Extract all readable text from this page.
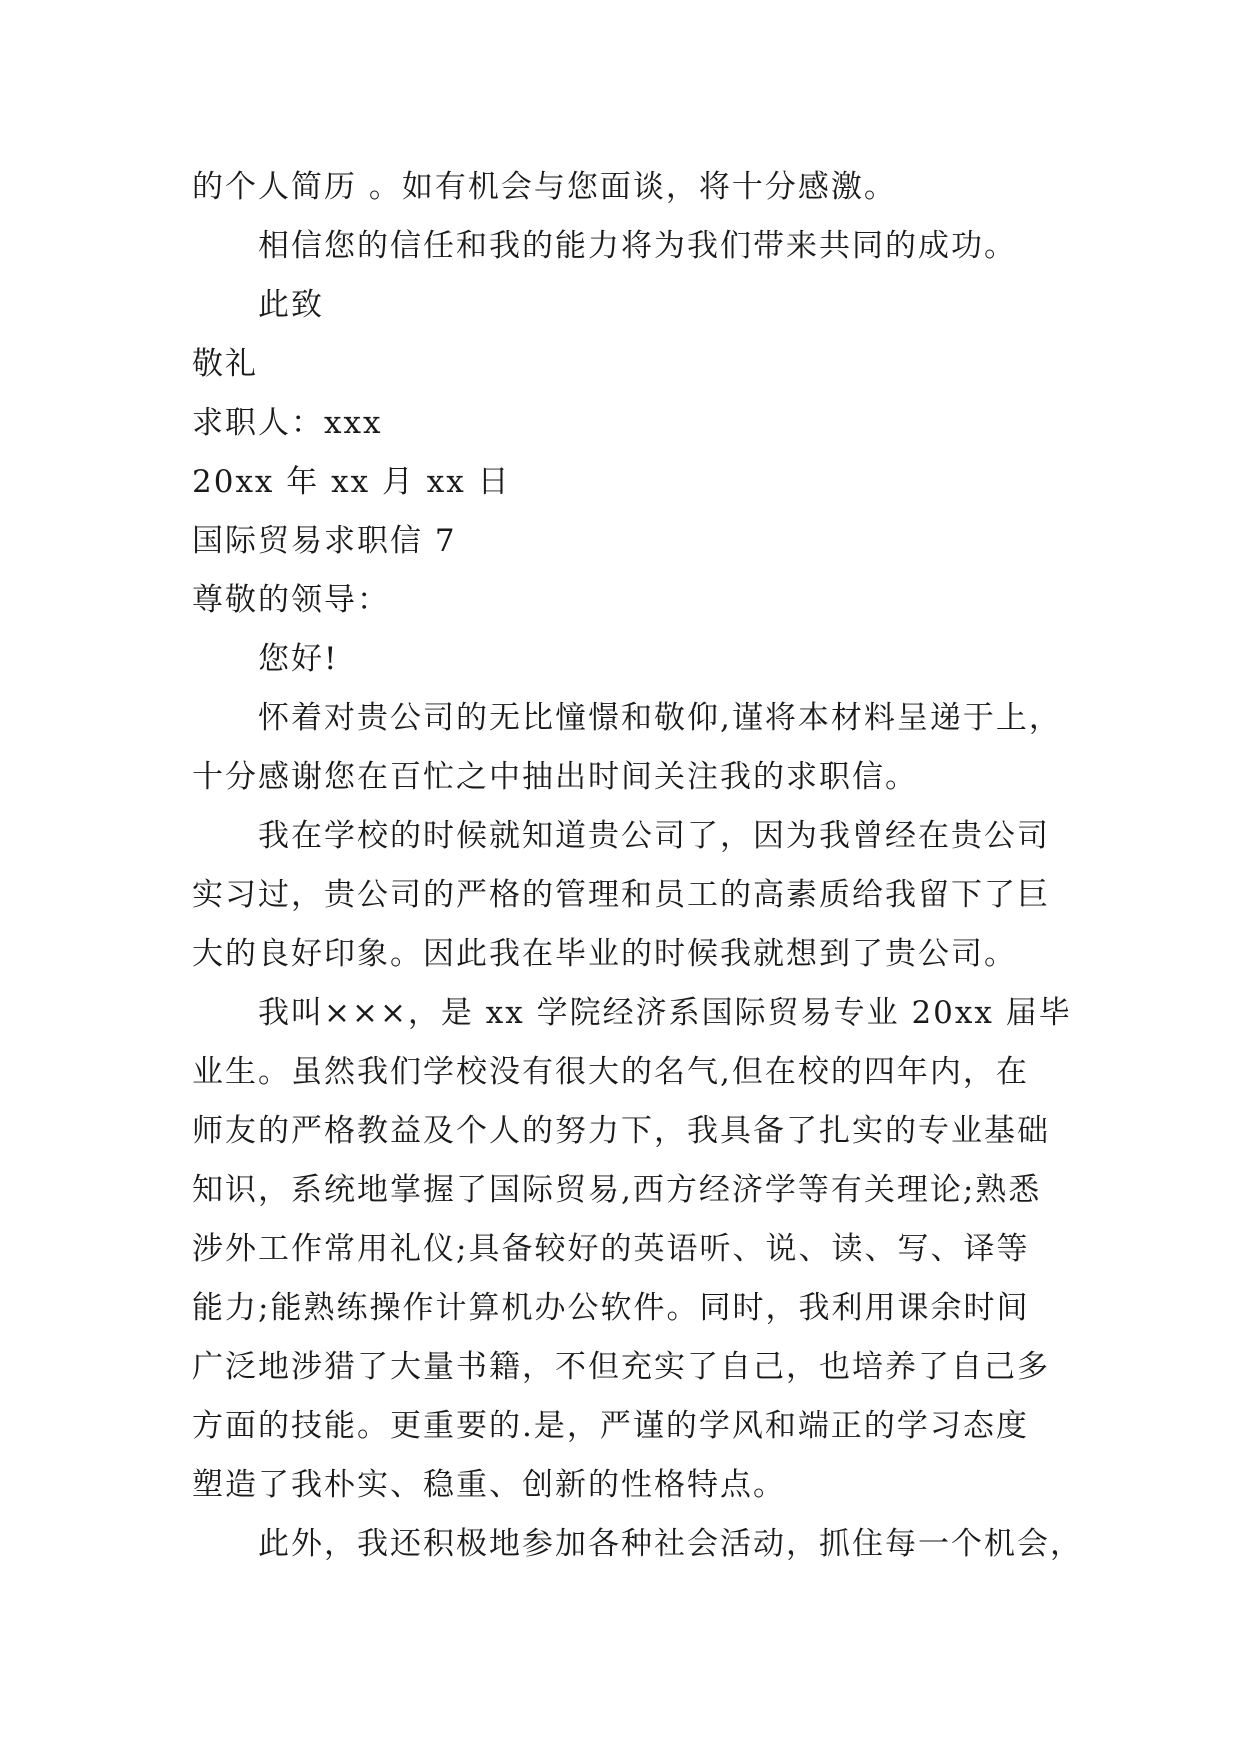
的个人简历 。如有机会与您面谈，将十分感激。
相信您的信任和我的能力将为我们带来共同的成功。
此致
敬礼
求职人：xxx
20xx 年 xx 月 xx 日
国际贸易求职信 7
尊敬的领导：
您好!
怀着对贵公司的无比憧憬和敬仰,谨将本材料呈递于上，
十分感谢您在百忙之中抽出时间关注我的求职信。
我在学校的时候就知道贵公司了，因为我曾经在贵公司
实习过，贵公司的严格的管理和员工的高素质给我留下了巨
大的良好印象。因此我在毕业的时候我就想到了贵公司。
我叫×××，是 xx 学院经济系国际贸易专业 20xx 届毕
业生。虽然我们学校没有很大的名气,但在校的四年内，在
师友的严格教益及个人的努力下，我具备了扎实的专业基础
知识，系统地掌握了国际贸易,西方经济学等有关理论;熟悉
涉外工作常用礼仪;具备较好的英语听、说、读、写、译等
能力;能熟练操作计算机办公软件。同时，我利用课余时间
广泛地涉猎了大量书籍，不但充实了自己，也培养了自己多
方面的技能。更重要的.是，严谨的学风和端正的学习态度
塑造了我朴实、稳重、创新的性格特点。
此外，我还积极地参加各种社会活动，抓住每一个机会，
